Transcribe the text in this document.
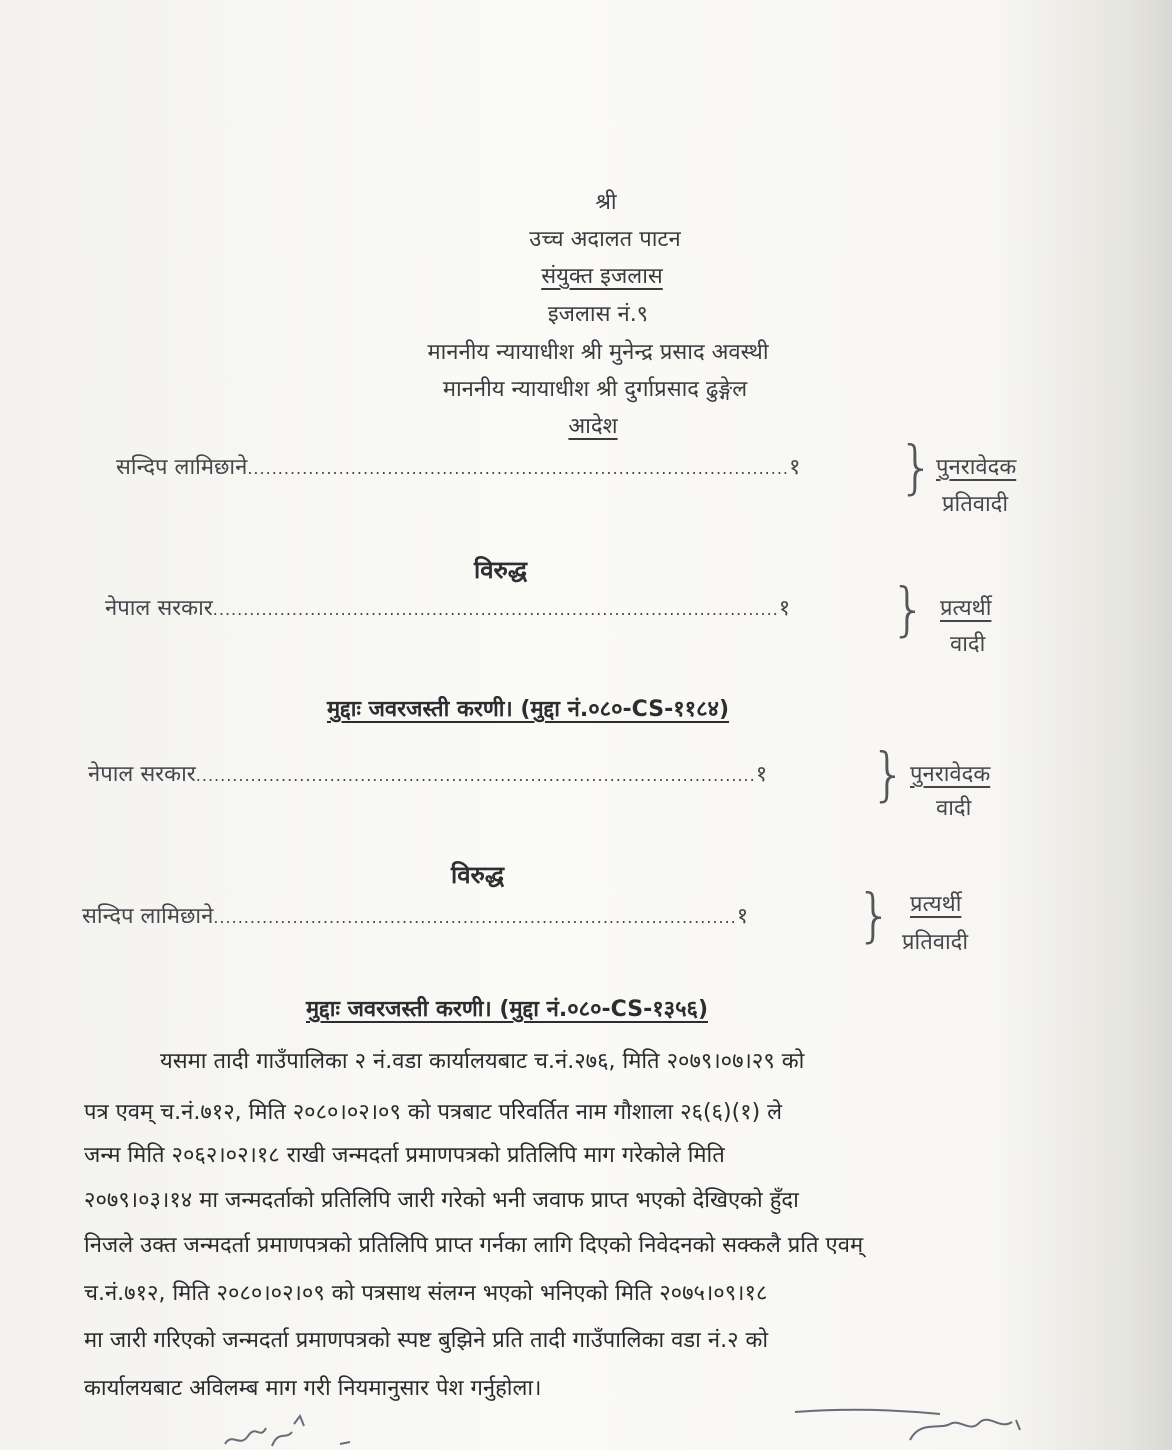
श्री
उच्च अदालत पाटन
संयुक्त इजलास
इजलास नं.९
माननीय न्यायाधीश श्री मुनेन्द्र प्रसाद अवस्थी
माननीय न्यायाधीश श्री दुर्गाप्रसाद ढुङ्गेल
आदेश
सन्दिप लामिछाने.........................................................................................१ } पुनरावेदक
प्रतिवादी
विरुद्ध
नेपाल सरकार.............................................................................................१ } प्रत्यर्थी
वादी
मुद्दाः जवरजस्ती करणी। (मुद्दा नं.०८०-CS-११८४)
नेपाल सरकार............................................................................................१ } पुनरावेदक
वादी
विरुद्ध
सन्दिप लामिछाने......................................................................................१ } प्रत्यर्थी
प्रतिवादी
मुद्दाः जवरजस्ती करणी। (मुद्दा नं.०८०-CS-१३५६)
यसमा तादी गाउँपालिका २ नं.वडा कार्यालयबाट च.नं.२७६, मिति २०७९।०७।२९ को
पत्र एवम् च.नं.७१२, मिति २०८०।०२।०९ को पत्रबाट परिवर्तित नाम गौशाला २६(६)(१) ले
जन्म मिति २०६२।०२।१८ राखी जन्मदर्ता प्रमाणपत्रको प्रतिलिपि माग गरेकोले मिति
२०७९।०३।१४ मा जन्मदर्ताको प्रतिलिपि जारी गरेको भनी जवाफ प्राप्त भएको देखिएको हुँदा
निजले उक्त जन्मदर्ता प्रमाणपत्रको प्रतिलिपि प्राप्त गर्नका लागि दिएको निवेदनको सक्कलै प्रति एवम्
च.नं.७१२, मिति २०८०।०२।०९ को पत्रसाथ संलग्न भएको भनिएको मिति २०७५।०९।१८
मा जारी गरिएको जन्मदर्ता प्रमाणपत्रको स्पष्ट बुझिने प्रति तादी गाउँपालिका वडा नं.२ को
कार्यालयबाट अविलम्ब माग गरी नियमानुसार पेश गर्नुहोला।
